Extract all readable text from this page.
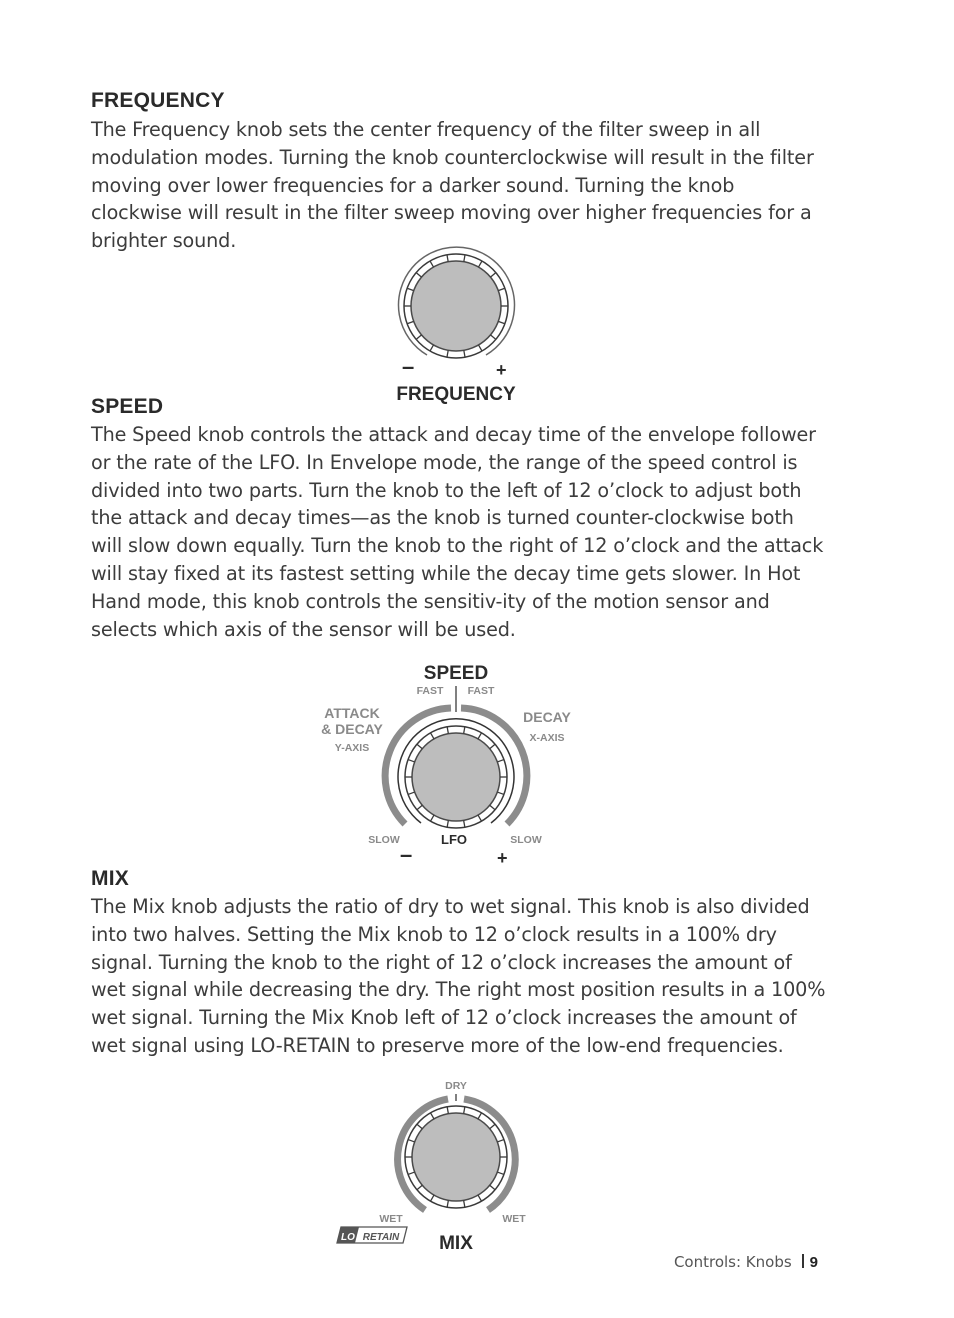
FREQUENCY

The Frequency knob sets the center frequency of the filter sweep in all modulation modes. Turning the knob counterclockwise will result in the filter moving over lower frequencies for a darker sound. Turning the knob clockwise will result in the filter sweep moving over higher frequencies for a brighter sound.

–	+
FREQUENCY
SPEED

The Speed knob controls the attack and decay time of the envelope follower or the rate of the LFO. In Envelope mode, the range of the speed control is divided into two parts. Turn the knob to the left of 12 o’clock to adjust both the attack and decay times—as the knob is turned counter-clockwise both will slow down equally. Turn the knob to the right of 12 o’clock and the attack will stay fixed at its fastest setting while the decay time gets slower. In Hot Hand mode, this knob controls the sensitiv-ity of the motion sensor and selects which axis of the sensor will be used.

SPEED
FAST FAST
ATTACK
& DECAY
Y-AXIS
DECAY
X-AXIS
SLOW	SLOW
LFO
–	+
MIX

The Mix knob adjusts the ratio of dry to wet signal. This knob is also divided into two halves. Setting the Mix knob to 12 o’clock results in a 100% dry signal. Turning the knob to the right of 12 o’clock increases the amount of wet signal while decreasing the dry. The right most position results in a 100% wet signal. Turning the Mix Knob left of 12 o’clock increases the amount of wet signal using LO-RETAIN to preserve more of the low-end frequencies.

DRY
WET	WET
LO RETAIN MIX
Controls: Knobs 9
